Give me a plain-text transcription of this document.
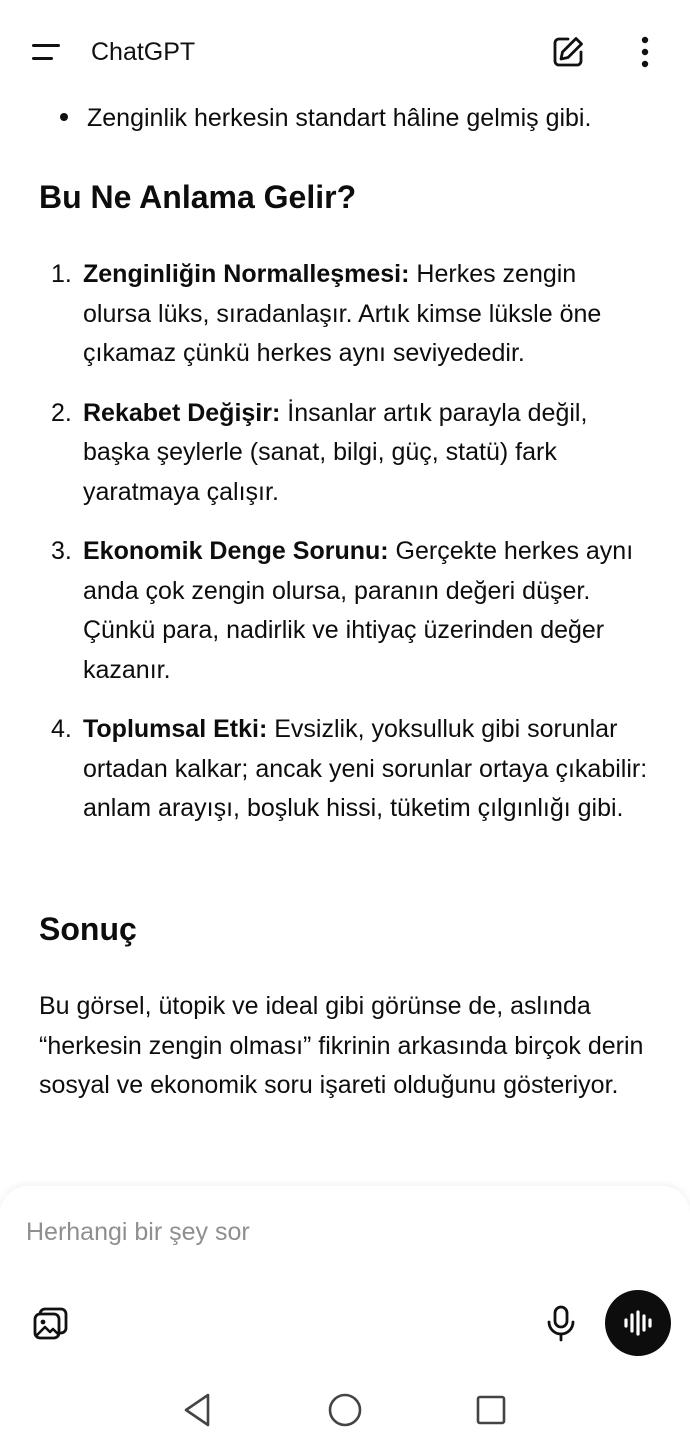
ChatGPT
Zenginlik herkesin standart hâline gelmiş gibi.
Bu Ne Anlama Gelir?
1. Zenginliğin Normalleşmesi: Herkes zengin olursa lüks, sıradanlaşır. Artık kimse lüksle öne çıkamaz çünkü herkes aynı seviyededir.
2. Rekabet Değişir: İnsanlar artık parayla değil, başka şeylerle (sanat, bilgi, güç, statü) fark yaratmaya çalışır.
3. Ekonomik Denge Sorunu: Gerçekte herkes aynı anda çok zengin olursa, paranın değeri düşer. Çünkü para, nadirlik ve ihtiyaç üzerinden değer kazanır.
4. Toplumsal Etki: Evsizlik, yoksulluk gibi sorunlar ortadan kalkar; ancak yeni sorunlar ortaya çıkabilir: anlam arayışı, boşluk hissi, tüketim çılgınlığı gibi.
Sonuç

Bu görsel, ütopik ve ideal gibi görünse de, aslında “herkesin zengin olması” fikrinin arkasında birçok derin sosyal ve ekonomik soru işareti olduğunu gösteriyor.

Herhangi bir şey sor
